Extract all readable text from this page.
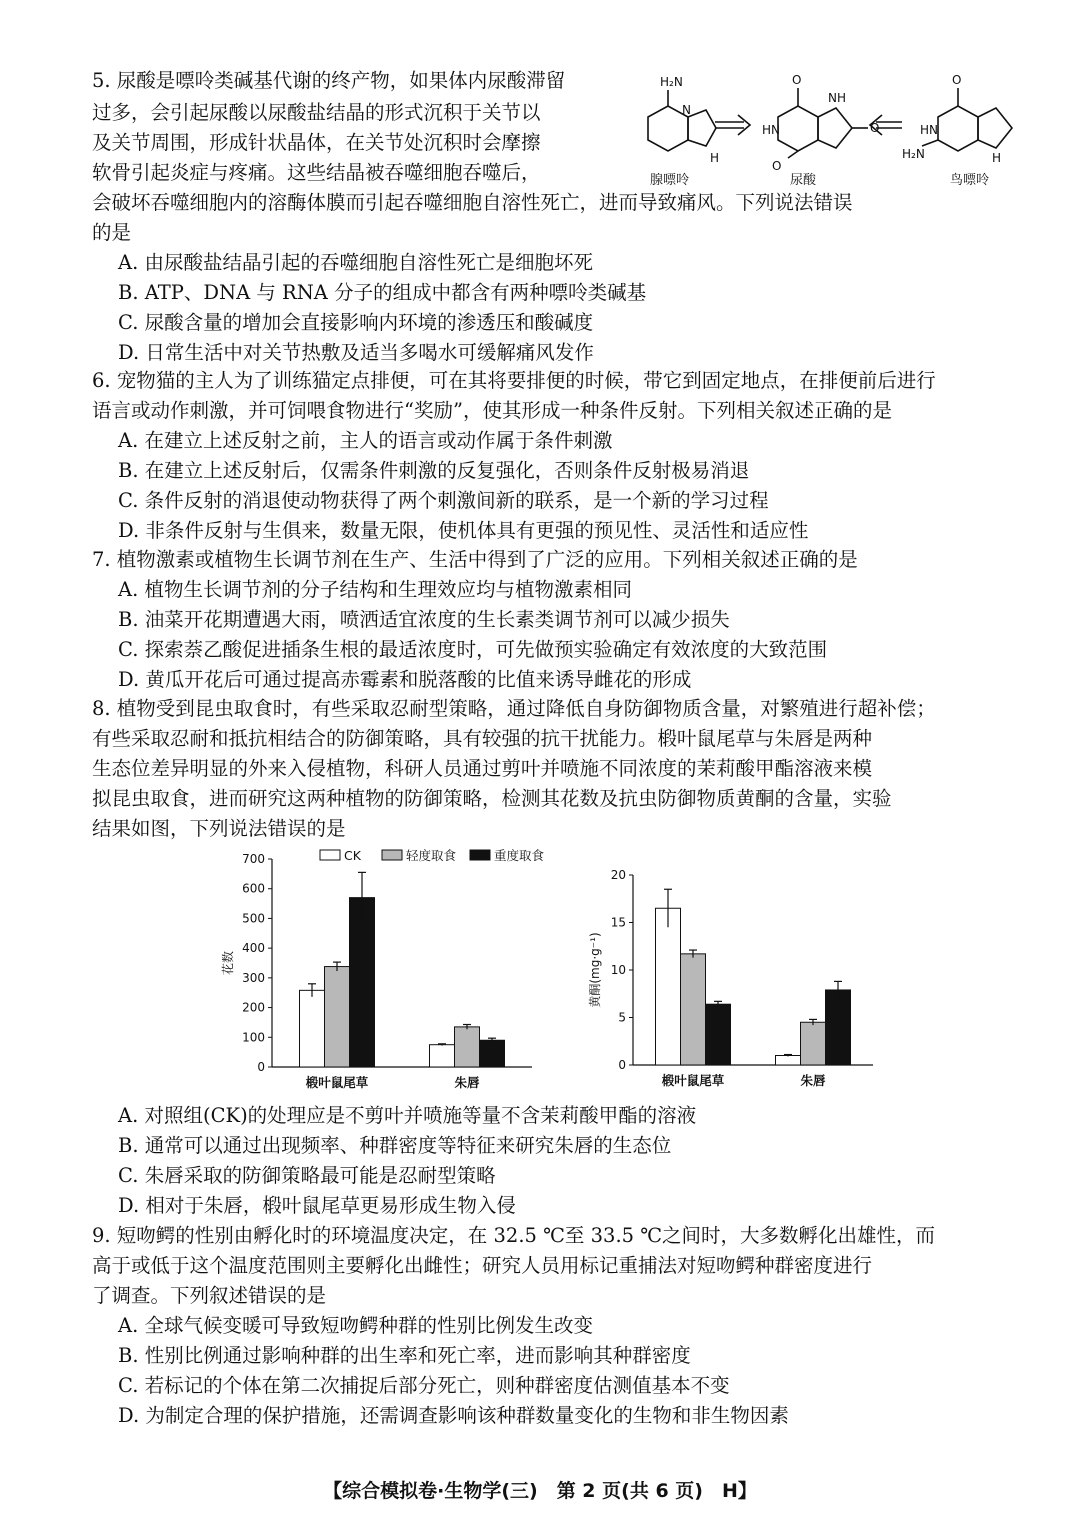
5. 尿酸是嘌呤类碱基代谢的终产物，如果体内尿酸滞留
过多，会引起尿酸以尿酸盐结晶的形式沉积于关节以
及关节周围，形成针状晶体，在关节处沉积时会摩擦
软骨引起炎症与疼痛。这些结晶被吞噬细胞吞噬后，
会破坏吞噬细胞内的溶酶体膜而引起吞噬细胞自溶性死亡，进而导致痛风。下列说法错误
的是
A. 由尿酸盐结晶引起的吞噬细胞自溶性死亡是细胞坏死
B. ATP、DNA 与 RNA 分子的组成中都含有两种嘌呤类碱基
C. 尿酸含量的增加会直接影响内环境的渗透压和酸碱度
D. 日常生活中对关节热敷及适当多喝水可缓解痛风发作
H₂N
N
H
O
HN
O
O
NH
O
HN
H₂N	H
腺嘌呤	尿酸	鸟嘌呤
6. 宠物猫的主人为了训练猫定点排便，可在其将要排便的时候，带它到固定地点，在排便前后进行
语言或动作刺激，并可饲喂食物进行“奖励”，使其形成一种条件反射。下列相关叙述正确的是
A. 在建立上述反射之前，主人的语言或动作属于条件刺激
B. 在建立上述反射后，仅需条件刺激的反复强化，否则条件反射极易消退
C. 条件反射的消退使动物获得了两个刺激间新的联系，是一个新的学习过程
D. 非条件反射与生俱来，数量无限，使机体具有更强的预见性、灵活性和适应性
7. 植物激素或植物生长调节剂在生产、生活中得到了广泛的应用。下列相关叙述正确的是
A. 植物生长调节剂的分子结构和生理效应均与植物激素相同
B. 油菜开花期遭遇大雨，喷洒适宜浓度的生长素类调节剂可以减少损失
C. 探索萘乙酸促进插条生根的最适浓度时，可先做预实验确定有效浓度的大致范围
D. 黄瓜开花后可通过提高赤霉素和脱落酸的比值来诱导雌花的形成
8. 植物受到昆虫取食时，有些采取忍耐型策略，通过降低自身防御物质含量，对繁殖进行超补偿；
有些采取忍耐和抵抗相结合的防御策略，具有较强的抗干扰能力。椴叶鼠尾草与朱唇是两种
生态位差异明显的外来入侵植物，科研人员通过剪叶并喷施不同浓度的茉莉酸甲酯溶液来模
拟昆虫取食，进而研究这两种植物的防御策略，检测其花数及抗虫防御物质黄酮的含量，实验
结果如图，下列说法错误的是
0
100
200
300
400
500
600
700
花数
椴叶鼠尾草	朱唇
CK	轻度取食	重度取食
0
5
10
15
20
黄酮(mg·g⁻¹)
椴叶鼠尾草	朱唇
A. 对照组(CK)的处理应是不剪叶并喷施等量不含茉莉酸甲酯的溶液
B. 通常可以通过出现频率、种群密度等特征来研究朱唇的生态位
C. 朱唇采取的防御策略最可能是忍耐型策略
D. 相对于朱唇，椴叶鼠尾草更易形成生物入侵
9. 短吻鳄的性别由孵化时的环境温度决定，在 32.5 ℃至 33.5 ℃之间时，大多数孵化出雄性，而
高于或低于这个温度范围则主要孵化出雌性；研究人员用标记重捕法对短吻鳄种群密度进行
了调查。下列叙述错误的是
A. 全球气候变暖可导致短吻鳄种群的性别比例发生改变
B. 性别比例通过影响种群的出生率和死亡率，进而影响其种群密度
C. 若标记的个体在第二次捕捉后部分死亡，则种群密度估测值基本不变
D. 为制定合理的保护措施，还需调查影响该种群数量变化的生物和非生物因素
【综合模拟卷·生物学(三)　第 2 页(共 6 页)　H】
